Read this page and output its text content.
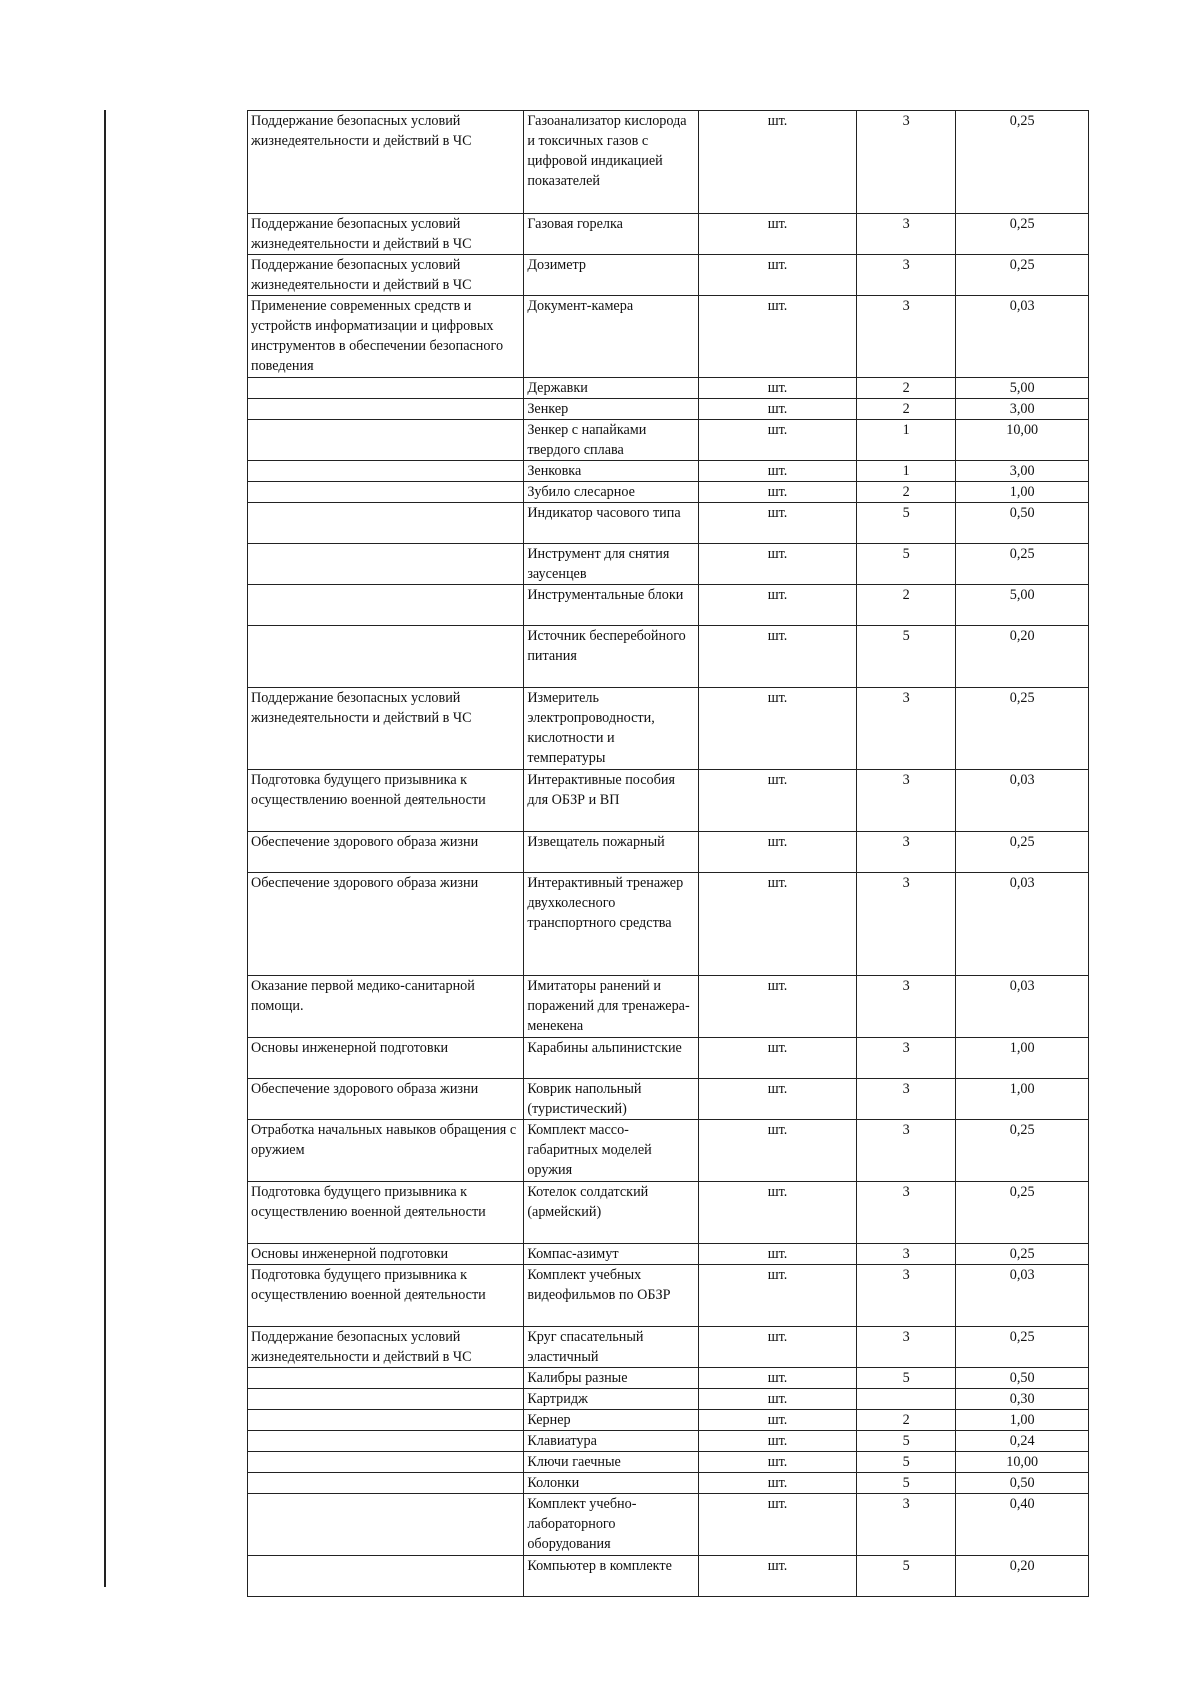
Поддержание безопасных условий жизнедеятельности и действий в ЧС	Газоанализатор кислорода и токсичных газов с цифровой индикацией показателей	шт.	3	0,25
Поддержание безопасных условий жизнедеятельности и действий в ЧС	Газовая горелка	шт.	3	0,25
Поддержание безопасных условий жизнедеятельности и действий в ЧС	Дозиметр	шт.	3	0,25
Применение современных средств и устройств информатизации и цифровых инструментов в обеспечении безопасного поведения	Документ-камера	шт.	3	0,03
	Державки	шт.	2	5,00
	Зенкер	шт.	2	3,00
	Зенкер с напайками твердого сплава	шт.	1	10,00
	Зенковка	шт.	1	3,00
	Зубило слесарное	шт.	2	1,00
	Индикатор часового типа	шт.	5	0,50
	Инструмент для снятия заусенцев	шт.	5	0,25
	Инструментальные блоки	шт.	2	5,00
	Источник бесперебойного питания	шт.	5	0,20
Поддержание безопасных условий жизнедеятельности и действий в ЧС	Измеритель электропроводности, кислотности и температуры	шт.	3	0,25
Подготовка будущего призывника к осуществлению военной деятельности	Интерактивные пособия для ОБЗР и ВП	шт.	3	0,03
Обеспечение здорового образа жизни	Извещатель пожарный	шт.	3	0,25
Обеспечение здорового образа жизни	Интерактивный тренажер двухколесного транспортного средства	шт.	3	0,03
Оказание первой медико-санитарной помощи.	Имитаторы ранений и поражений для тренажера-менекена	шт.	3	0,03
Основы инженерной подготовки	Карабины альпинистские	шт.	3	1,00
Обеспечение здорового образа жизни	Коврик напольный (туристический)	шт.	3	1,00
Отработка начальных навыков обращения с оружием	Комплект массо-габаритных моделей оружия	шт.	3	0,25
Подготовка будущего призывника к осуществлению военной деятельности	Котелок солдатский (армейский)	шт.	3	0,25
Основы инженерной подготовки	Компас-азимут	шт.	3	0,25
Подготовка будущего призывника к осуществлению военной деятельности	Комплект учебных видеофильмов по ОБЗР	шт.	3	0,03
Поддержание безопасных условий жизнедеятельности и действий в ЧС	Круг спасательный эластичный	шт.	3	0,25
	Калибры разные	шт.	5	0,50
	Картридж	шт.		0,30
	Кернер	шт.	2	1,00
	Клавиатура	шт.	5	0,24
	Ключи гаечные	шт.	5	10,00
	Колонки	шт.	5	0,50
	Комплект учебно-лабораторного оборудования	шт.	3	0,40
	Компьютер в комплекте	шт.	5	0,20
